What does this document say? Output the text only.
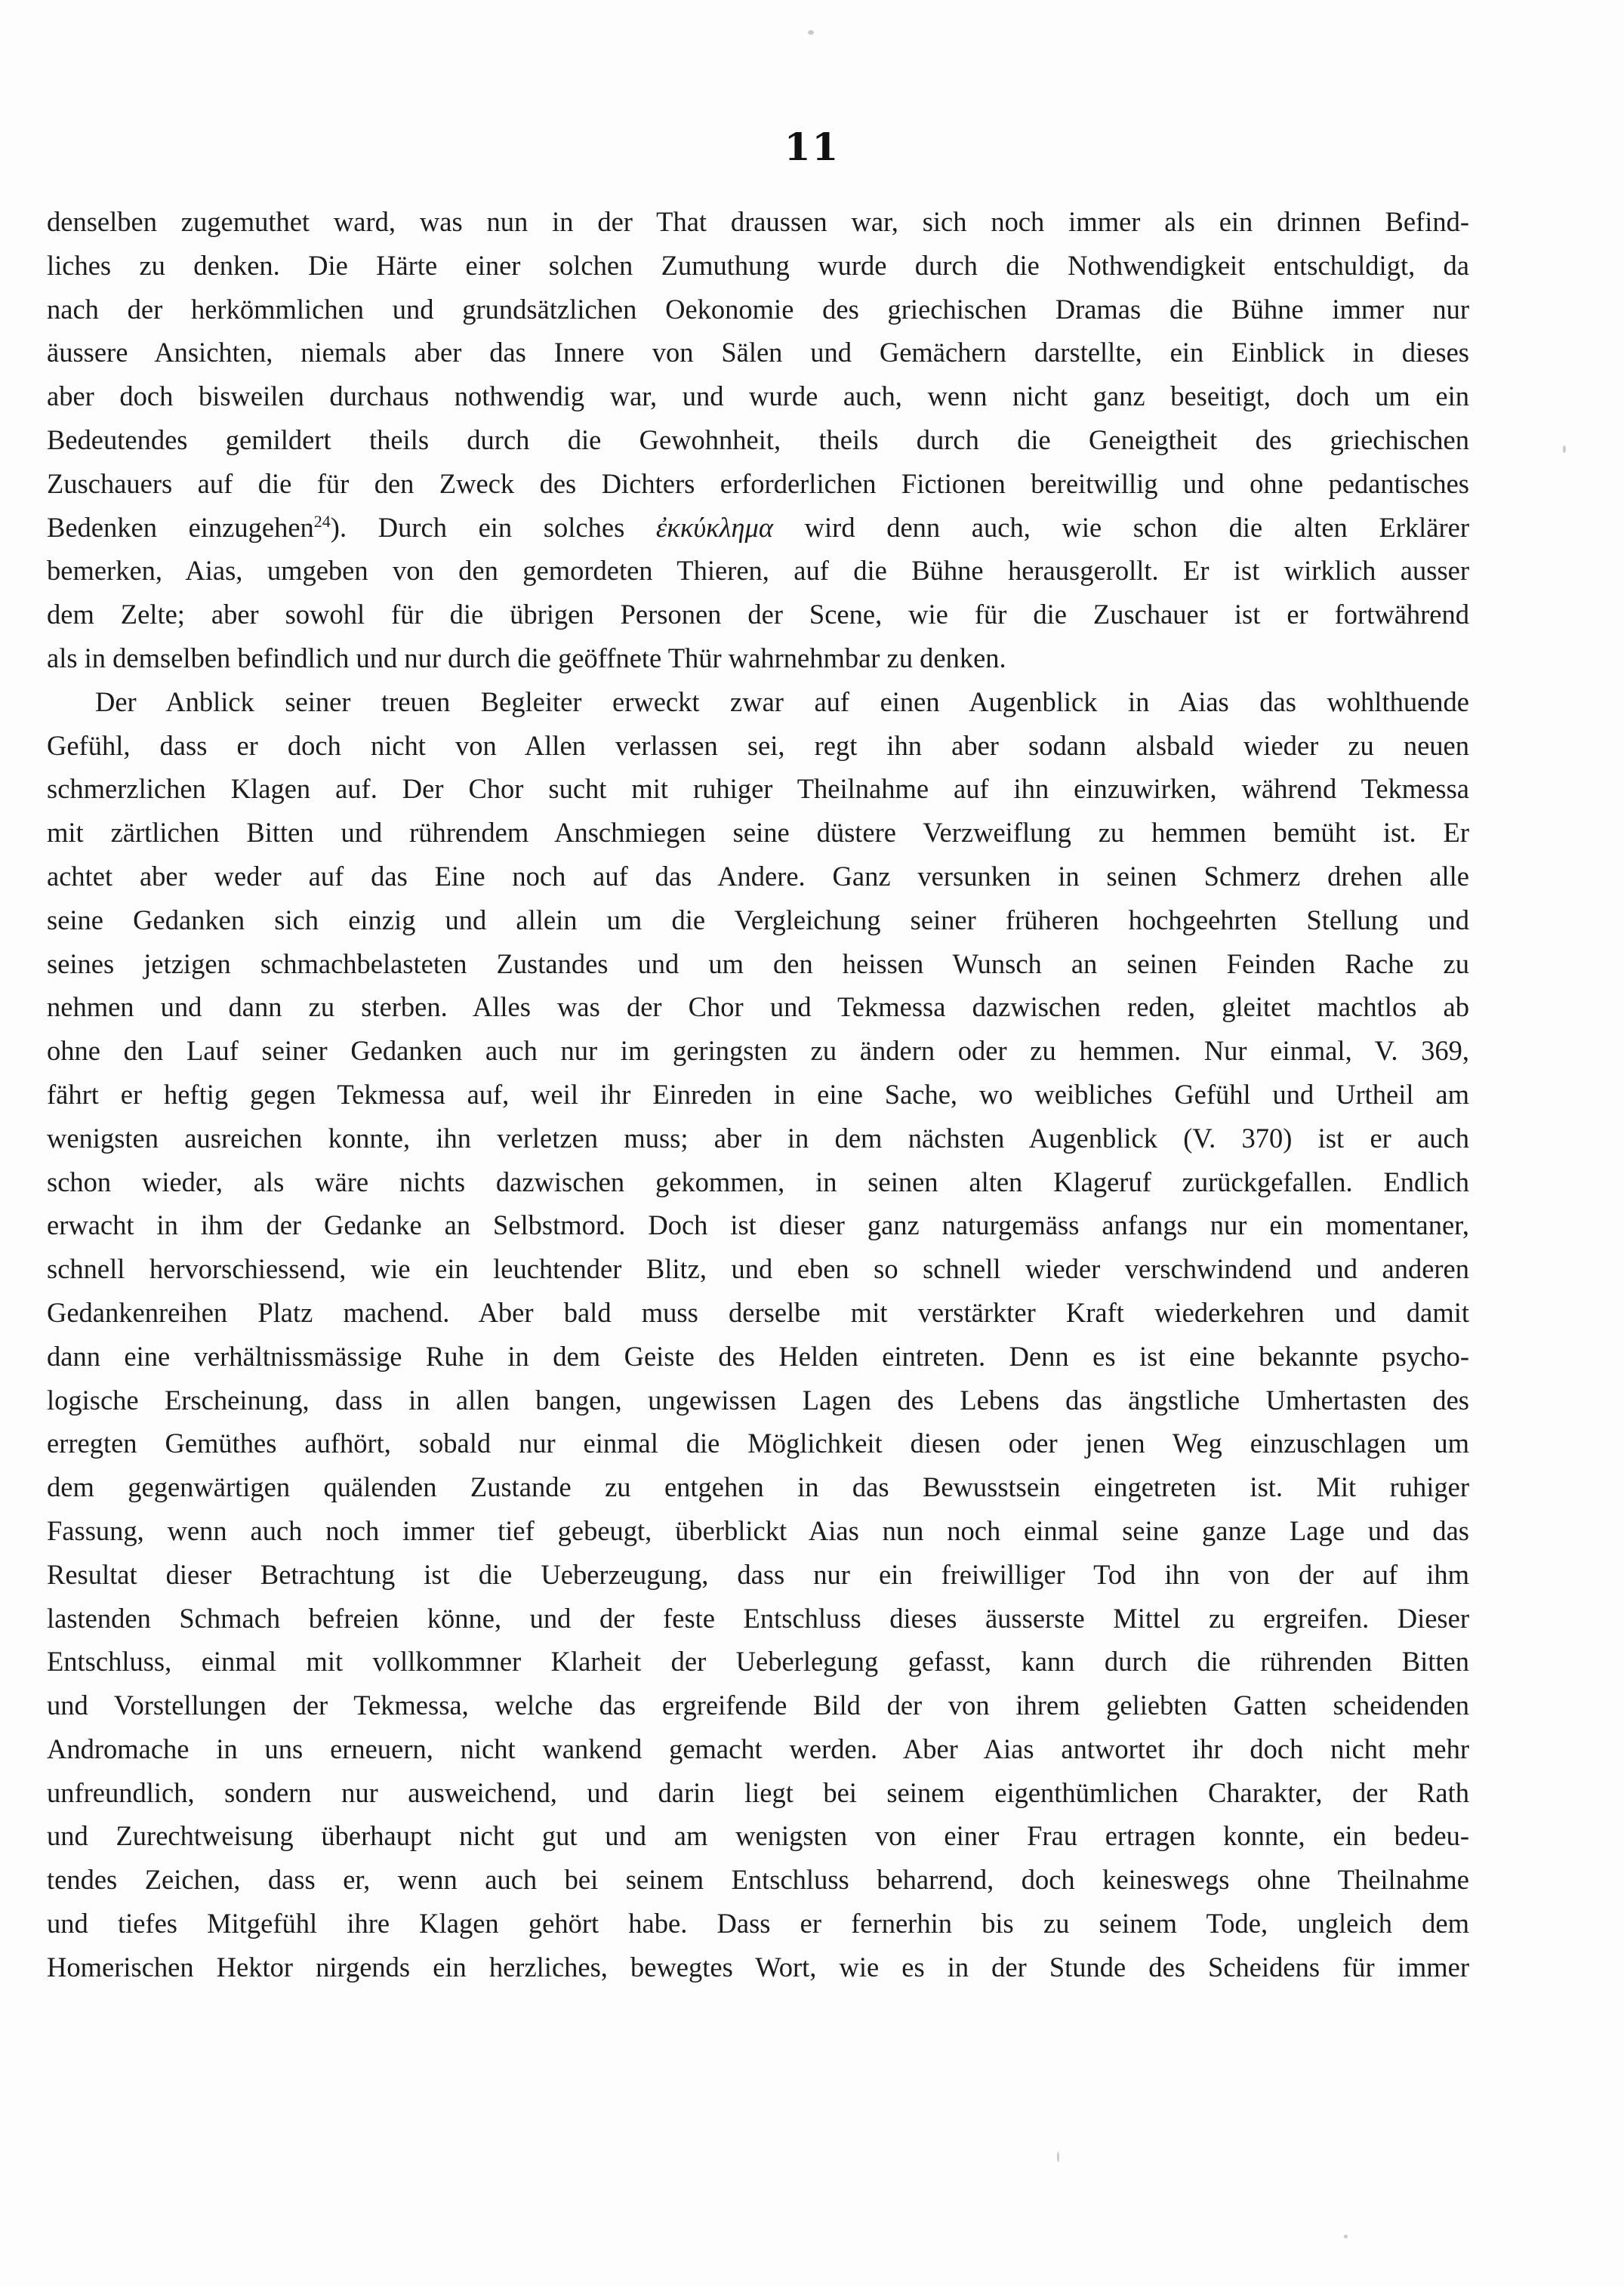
11
denselben zugemuthet ward, was nun in der That draussen war, sich noch immer als ein drinnen Befind-
liches zu denken. Die Härte einer solchen Zumuthung wurde durch die Nothwendigkeit entschuldigt, da
nach der herkömmlichen und grundsätzlichen Oekonomie des griechischen Dramas die Bühne immer nur
äussere Ansichten, niemals aber das Innere von Sälen und Gemächern darstellte, ein Einblick in dieses
aber doch bisweilen durchaus nothwendig war, und wurde auch, wenn nicht ganz beseitigt, doch um ein
Bedeutendes gemildert theils durch die Gewohnheit, theils durch die Geneigtheit des griechischen
Zuschauers auf die für den Zweck des Dichters erforderlichen Fictionen bereitwillig und ohne pedantisches
Bedenken einzugehen$^{24}$). Durch ein solches ἐκκύκλημα wird denn auch, wie schon die alten Erklärer
bemerken, Aias, umgeben von den gemordeten Thieren, auf die Bühne herausgerollt. Er ist wirklich ausser
dem Zelte; aber sowohl für die übrigen Personen der Scene, wie für die Zuschauer ist er fortwährend
als in demselben befindlich und nur durch die geöffnete Thür wahrnehmbar zu denken.
Der Anblick seiner treuen Begleiter erweckt zwar auf einen Augenblick in Aias das wohlthuende
Gefühl, dass er doch nicht von Allen verlassen sei, regt ihn aber sodann alsbald wieder zu neuen
schmerzlichen Klagen auf. Der Chor sucht mit ruhiger Theilnahme auf ihn einzuwirken, während Tekmessa
mit zärtlichen Bitten und rührendem Anschmiegen seine düstere Verzweiflung zu hemmen bemüht ist. Er
achtet aber weder auf das Eine noch auf das Andere. Ganz versunken in seinen Schmerz drehen alle
seine Gedanken sich einzig und allein um die Vergleichung seiner früheren hochgeehrten Stellung und
seines jetzigen schmachbelasteten Zustandes und um den heissen Wunsch an seinen Feinden Rache zu
nehmen und dann zu sterben. Alles was der Chor und Tekmessa dazwischen reden, gleitet machtlos ab
ohne den Lauf seiner Gedanken auch nur im geringsten zu ändern oder zu hemmen. Nur einmal, V. 369,
fährt er heftig gegen Tekmessa auf, weil ihr Einreden in eine Sache, wo weibliches Gefühl und Urtheil am
wenigsten ausreichen konnte, ihn verletzen muss; aber in dem nächsten Augenblick (V. 370) ist er auch
schon wieder, als wäre nichts dazwischen gekommen, in seinen alten Klageruf zurückgefallen. Endlich
erwacht in ihm der Gedanke an Selbstmord. Doch ist dieser ganz naturgemäss anfangs nur ein momentaner,
schnell hervorschiessend, wie ein leuchtender Blitz, und eben so schnell wieder verschwindend und anderen
Gedankenreihen Platz machend. Aber bald muss derselbe mit verstärkter Kraft wiederkehren und damit
dann eine verhältnissmässige Ruhe in dem Geiste des Helden eintreten. Denn es ist eine bekannte psycho-
logische Erscheinung, dass in allen bangen, ungewissen Lagen des Lebens das ängstliche Umhertasten des
erregten Gemüthes aufhört, sobald nur einmal die Möglichkeit diesen oder jenen Weg einzuschlagen um
dem gegenwärtigen quälenden Zustande zu entgehen in das Bewusstsein eingetreten ist. Mit ruhiger
Fassung, wenn auch noch immer tief gebeugt, überblickt Aias nun noch einmal seine ganze Lage und das
Resultat dieser Betrachtung ist die Ueberzeugung, dass nur ein freiwilliger Tod ihn von der auf ihm
lastenden Schmach befreien könne, und der feste Entschluss dieses äusserste Mittel zu ergreifen. Dieser
Entschluss, einmal mit vollkommner Klarheit der Ueberlegung gefasst, kann durch die rührenden Bitten
und Vorstellungen der Tekmessa, welche das ergreifende Bild der von ihrem geliebten Gatten scheidenden
Andromache in uns erneuern, nicht wankend gemacht werden. Aber Aias antwortet ihr doch nicht mehr
unfreundlich, sondern nur ausweichend, und darin liegt bei seinem eigenthümlichen Charakter, der Rath
und Zurechtweisung überhaupt nicht gut und am wenigsten von einer Frau ertragen konnte, ein bedeu-
tendes Zeichen, dass er, wenn auch bei seinem Entschluss beharrend, doch keineswegs ohne Theilnahme
und tiefes Mitgefühl ihre Klagen gehört habe. Dass er fernerhin bis zu seinem Tode, ungleich dem
Homerischen Hektor nirgends ein herzliches, bewegtes Wort, wie es in der Stunde des Scheidens für immer
